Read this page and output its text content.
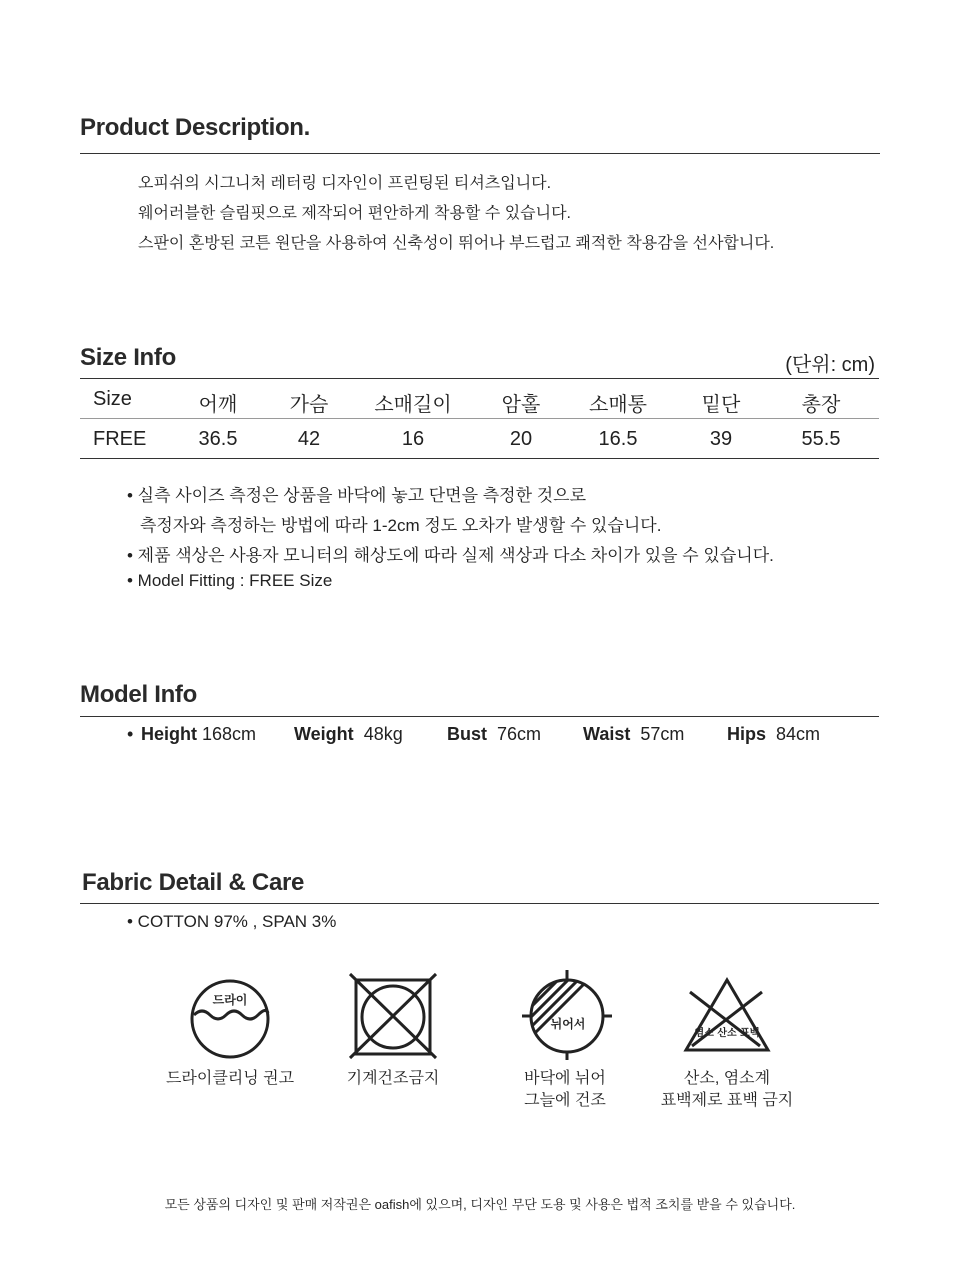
Product Description.
오피쉬의 시그니처 레터링 디자인이 프린팅된 티셔츠입니다.
웨어러블한 슬림핏으로 제작되어 편안하게 착용할 수 있습니다.
스판이 혼방된 코튼 원단을 사용하여 신축성이 뛰어나 부드럽고 쾌적한 착용감을 선사합니다.
Size Info	(단위: cm)
Size	어깨	가슴	소매길이	암홀	소매통	밑단	총장
FREE	36.5	42	16	20	16.5	39	55.5
• 실측 사이즈 측정은 상품을 바닥에 놓고 단면을 측정한 것으로
측정자와 측정하는 방법에 따라 1-2cm 정도 오차가 발생할 수 있습니다.
• 제품 색상은 사용자 모니터의 해상도에 따라 실제 색상과 다소 차이가 있을 수 있습니다.
• Model Fitting : FREE Size
Model Info
• Height 168cm Weight 48kg Bust 76cm Waist 57cm Hips 84cm
Fabric Detail & Care
• COTTON 97% , SPAN 3%
드라이
뉘어서
염소 산소 표백
드라이클리닝 권고	기계건조금지	바닥에 뉘어
그늘에 건조
산소, 염소계
표백제로 표백 금지
모든 상품의 디자인 및 판매 저작권은 oafish에 있으며, 디자인 무단 도용 및 사용은 법적 조치를 받을 수 있습니다.
